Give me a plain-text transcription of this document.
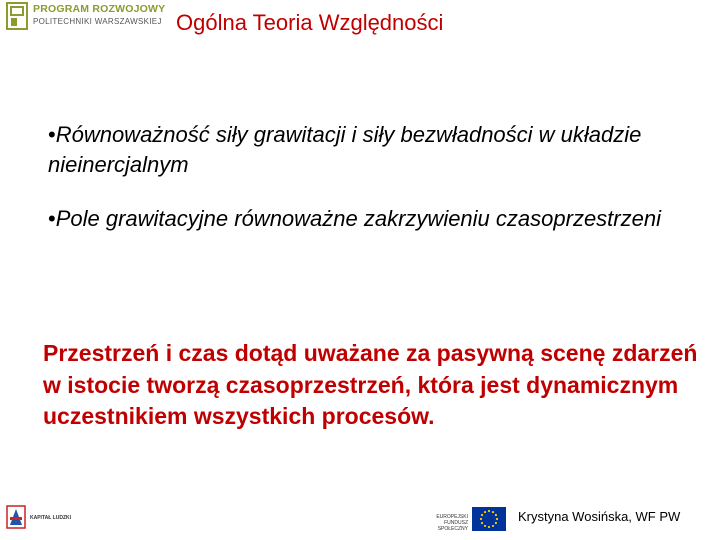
PROGRAM ROZWOJOWY
POLITECHNIKI WARSZAWSKIEJ Ogólna Teoria Względności
•Równoważność siły grawitacji i siły bezwładności w układzie nieinercjalnym
•Pole grawitacyjne równoważne zakrzywieniu czasoprzestrzeni
Przestrzeń i czas dotąd uważane za pasywną scenę zdarzeń w istocie tworzą czasoprzestrzeń, która jest dynamicznym uczestnikiem wszystkich procesów.
KAPITAŁ LUDZKI	EUROPEJSKI FUNDUSZ SPOŁECZNY
Krystyna Wosińska, WF PW
